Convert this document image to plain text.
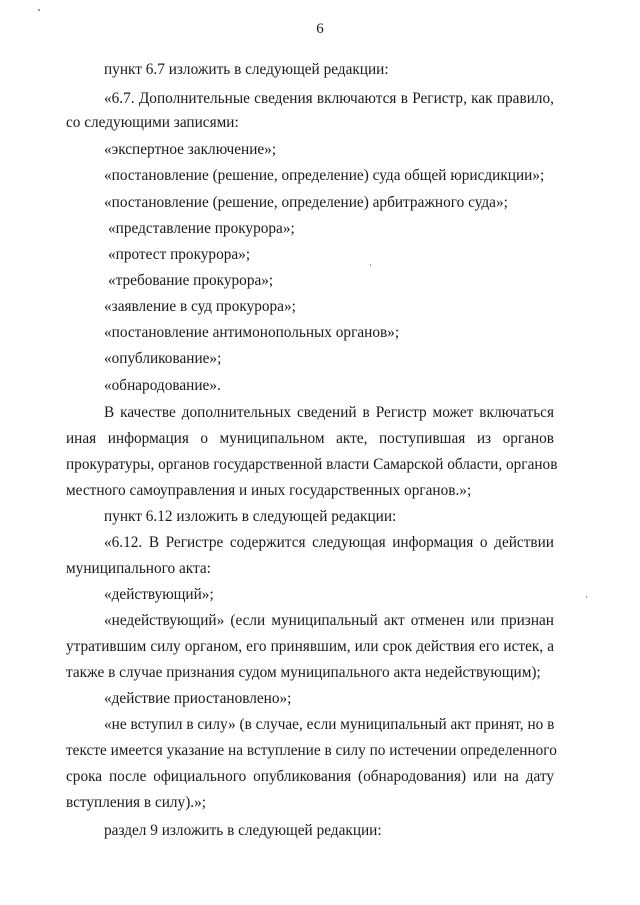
6
пункт 6.7 изложить в следующей редакции:
«6.7. Дополнительные сведения включаются в Регистр, как правило,
со следующими записями:
«экспертное заключение»;
«постановление (решение, определение) суда общей юрисдикции»;
«постановление (решение, определение) арбитражного суда»;
«представление прокурора»;
«протест прокурора»;
«требование прокурора»;
«заявление в суд прокурора»;
«постановление антимонопольных органов»;
«опубликование»;
«обнародование».
В качестве дополнительных сведений в Регистр может включаться
иная информация о муниципальном акте, поступившая из органов
прокуратуры, органов государственной власти Самарской области, органов
местного самоуправления и иных государственных органов.»;
пункт 6.12 изложить в следующей редакции:
«6.12. В Регистре содержится следующая информация о действии
муниципального акта:
«действующий»;
«недействующий» (если муниципальный акт отменен или признан
утратившим силу органом, его принявшим, или срок действия его истек, а
также в случае признания судом муниципального акта недействующим);
«действие приостановлено»;
«не вступил в силу» (в случае, если муниципальный акт принят, но в
тексте имеется указание на вступление в силу по истечении определенного
срока после официального опубликования (обнародования) или на дату
вступления в силу).»;
раздел 9 изложить в следующей редакции:
